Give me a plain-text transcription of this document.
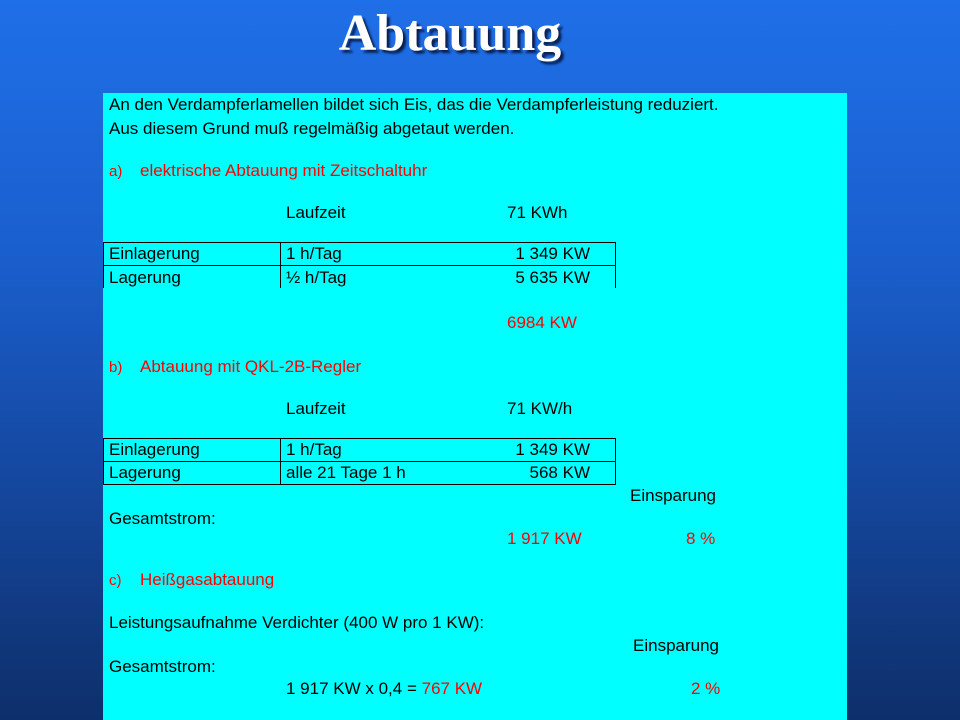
Abtauung
An den Verdampferlamellen bildet sich Eis, das die Verdampferleistung reduziert.
Aus diesem Grund muß regelmäßig abgetaut werden.
a) elektrische Abtauung mit Zeitschaltuhr
Laufzeit	71 KWh
Einlagerung	1 h/Tag	1 349 KW
Lagerung	½ h/Tag	5 635 KW
6984 KW
b) Abtauung mit QKL-2B-Regler
Laufzeit	71 KW/h
Einlagerung	1 h/Tag	1 349 KW
Lagerung	alle 21 Tage 1 h	568 KW
Einsparung
Gesamtstrom:
1 917 KW	8 %
c) Heißgasabtauung
Leistungsaufnahme Verdichter (400 W pro 1 KW):
Einsparung
Gesamtstrom:
1 917 KW x 0,4 = 767 KW	2 %
